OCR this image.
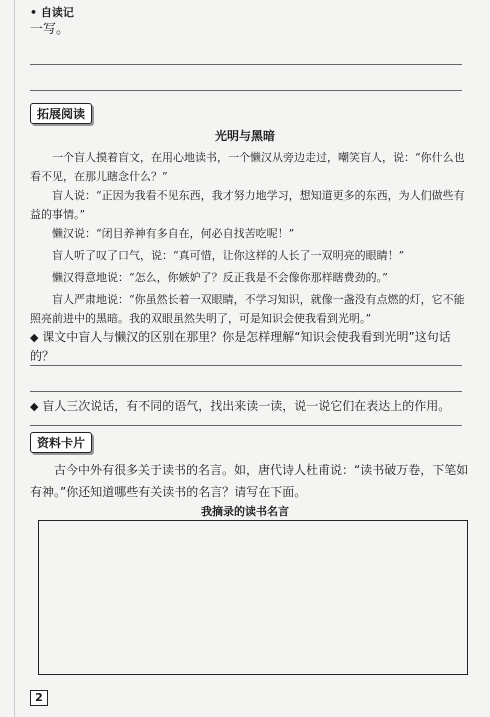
• 自读记
一写。
拓展阅读
光明与黑暗

一个盲人摸着盲文，在用心地读书，一个懒汉从旁边走过，嘲笑盲人，说：“你什么也看不见，在那儿瞎念什么？”

盲人说：“正因为我看不见东西，我才努力地学习，想知道更多的东西，为人们做些有益的事情。”

懒汉说：“闭目养神有多自在，何必自找苦吃呢！”

盲人听了叹了口气，说：“真可惜，让你这样的人长了一双明亮的眼睛！”

懒汉得意地说：“怎么，你嫉妒了？反正我是不会像你那样瞎费劲的。”

盲人严肃地说：“你虽然长着一双眼睛，不学习知识，就像一盏没有点燃的灯，它不能照亮前进中的黑暗。我的双眼虽然失明了，可是知识会使我看到光明。”

◆ 课文中盲人与懒汉的区别在那里？你是怎样理解“知识会使我看到光明”这句话的？
◆ 盲人三次说话，有不同的语气，找出来读一读，说一说它们在表达上的作用。
资料卡片

古今中外有很多关于读书的名言。如，唐代诗人杜甫说：“读书破万卷，下笔如有神。”你还知道哪些有关读书的名言？请写在下面。

我摘录的读书名言
2
